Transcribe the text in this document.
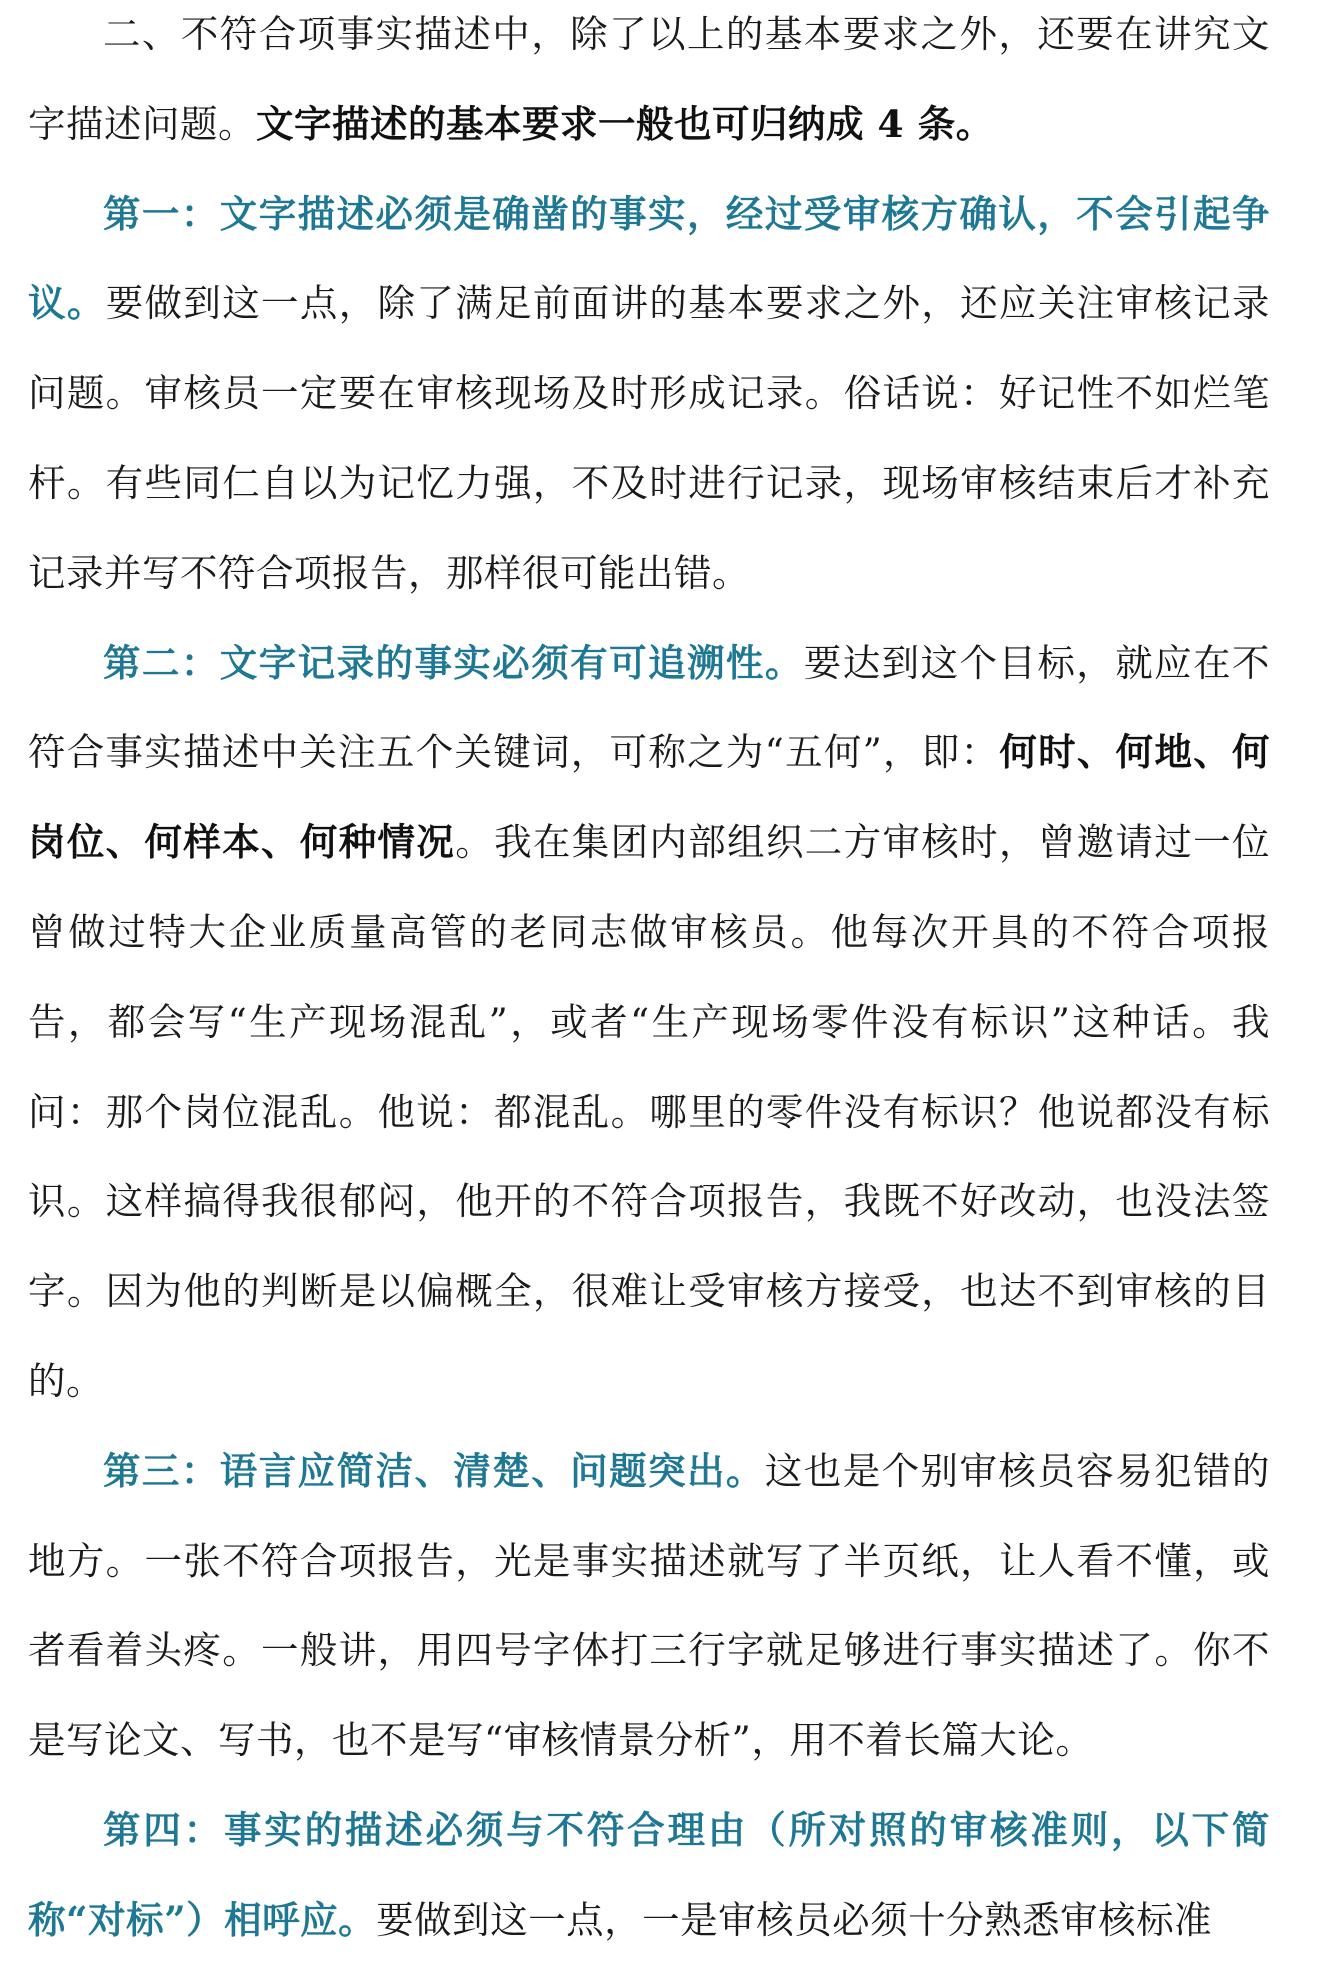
二、不符合项事实描述中，除了以上的基本要求之外，还要在讲究文字描述问题。文字描述的基本要求一般也可归纳成 4 条。

第一：文字描述必须是确凿的事实，经过受审核方确认，不会引起争议。要做到这一点，除了满足前面讲的基本要求之外，还应关注审核记录问题。审核员一定要在审核现场及时形成记录。俗话说：好记性不如烂笔杆。有些同仁自以为记忆力强，不及时进行记录，现场审核结束后才补充记录并写不符合项报告，那样很可能出错。

第二：文字记录的事实必须有可追溯性。要达到这个目标，就应在不符合事实描述中关注五个关键词，可称之为“五何”，即：何时、何地、何岗位、何样本、何种情况。我在集团内部组织二方审核时，曾邀请过一位曾做过特大企业质量高管的老同志做审核员。他每次开具的不符合项报告，都会写“生产现场混乱”，或者“生产现场零件没有标识”这种话。我问：那个岗位混乱。他说：都混乱。哪里的零件没有标识？他说都没有标识。这样搞得我很郁闷，他开的不符合项报告，我既不好改动，也没法签字。因为他的判断是以偏概全，很难让受审核方接受，也达不到审核的目的。

第三：语言应简洁、清楚、问题突出。这也是个别审核员容易犯错的地方。一张不符合项报告，光是事实描述就写了半页纸，让人看不懂，或者看着头疼。一般讲，用四号字体打三行字就足够进行事实描述了。你不是写论文、写书，也不是写“审核情景分析”，用不着长篇大论。

第四：事实的描述必须与不符合理由（所对照的审核准则，以下简称“对标”）相呼应。要做到这一点，一是审核员必须十分熟悉审核标准
